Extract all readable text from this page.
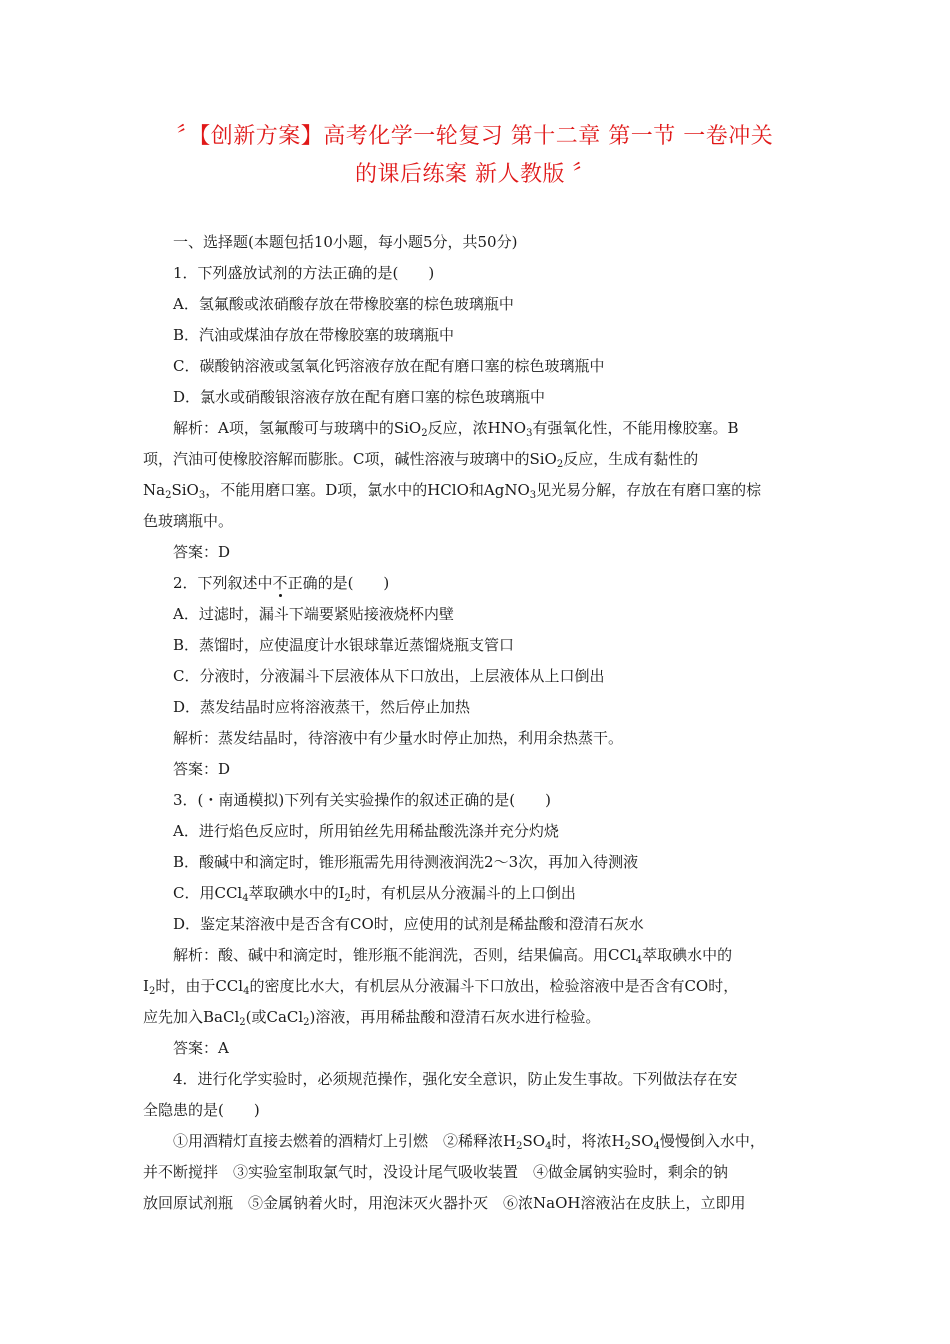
〞【创新方案】高考化学一轮复习 第十二章 第一节 一卷冲关
的课后练案 新人教版 〞

一、选择题(本题包括10小题，每小题5分，共50分)

1．下列盛放试剂的方法正确的是(　　)

A．氢氟酸或浓硝酸存放在带橡胶塞的棕色玻璃瓶中

B．汽油或煤油存放在带橡胶塞的玻璃瓶中

C．碳酸钠溶液或氢氧化钙溶液存放在配有磨口塞的棕色玻璃瓶中

D．氯水或硝酸银溶液存放在配有磨口塞的棕色玻璃瓶中

解析：A项，氢氟酸可与玻璃中的SiO$_2$反应，浓$HNO_3$有强氧化性，不能用橡胶塞。B

项，汽油可使橡胶溶解而膨胀。C项，碱性溶液与玻璃中的SiO$_2$反应，生成有黏性的

$Na_2SiO_3$，不能用磨口塞。D项，氯水中的HClO和AgNO$_3$见光易分解，存放在有磨口塞的棕

色玻璃瓶中。

答案：D

2．下列叙述中不正确的是(　　)

A．过滤时，漏斗下端要紧贴接液烧杯内壁

B．蒸馏时，应使温度计水银球靠近蒸馏烧瓶支管口

C．分液时，分液漏斗下层液体从下口放出，上层液体从上口倒出

D．蒸发结晶时应将溶液蒸干，然后停止加热

解析：蒸发结晶时，待溶液中有少量水时停止加热，利用余热蒸干。

答案：D

3．(・南通模拟)下列有关实验操作的叙述正确的是(　　)

A．进行焰色反应时，所用铂丝先用稀盐酸洗涤并充分灼烧

B．酸碱中和滴定时，锥形瓶需先用待测液润洗2～3次，再加入待测液

C．用CCl$_4$萃取碘水中的$I_2$时，有机层从分液漏斗的上口倒出

D．鉴定某溶液中是否含有CO时，应使用的试剂是稀盐酸和澄清石灰水

解析：酸、碱中和滴定时，锥形瓶不能润洗，否则，结果偏高。用CCl$_4$萃取碘水中的

$I_2$时，由于CCl$_4$的密度比水大，有机层从分液漏斗下口放出，检验溶液中是否含有CO时，

应先加入BaCl$_2$(或CaCl$_2$)溶液，再用稀盐酸和澄清石灰水进行检验。

答案：A

4．进行化学实验时，必须规范操作，强化安全意识，防止发生事故。下列做法存在安

全隐患的是(　　)

①用酒精灯直接去燃着的酒精灯上引燃　②稀释浓$H_2SO_4$时，将浓$H_2SO_4$慢慢倒入水中，

并不断搅拌　③实验室制取氯气时，没设计尾气吸收装置　④做金属钠实验时，剩余的钠

放回原试剂瓶　⑤金属钠着火时，用泡沫灭火器扑灭　⑥浓NaOH溶液沾在皮肤上，立即用
